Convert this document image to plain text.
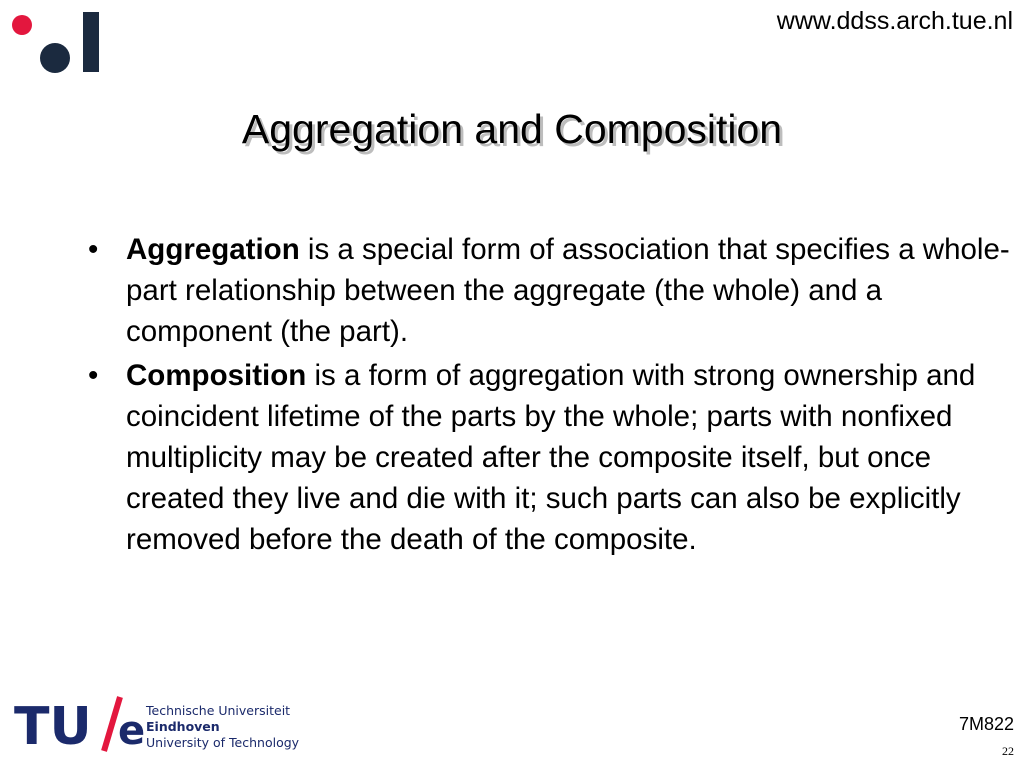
www.ddss.arch.tue.nl
Aggregation and Composition
• Aggregation is a special form of association that specifies a whole-part relationship between the aggregate (the whole) and a component (the part).
• Composition is a form of aggregation with strong ownership and coincident lifetime of the parts by the whole; parts with nonfixed multiplicity may be created after the composite itself, but once created they live and die with it; such parts can also be explicitly removed before the death of the composite.
TU e Technische Universiteit
Eindhoven
University of Technology
7M822
22
